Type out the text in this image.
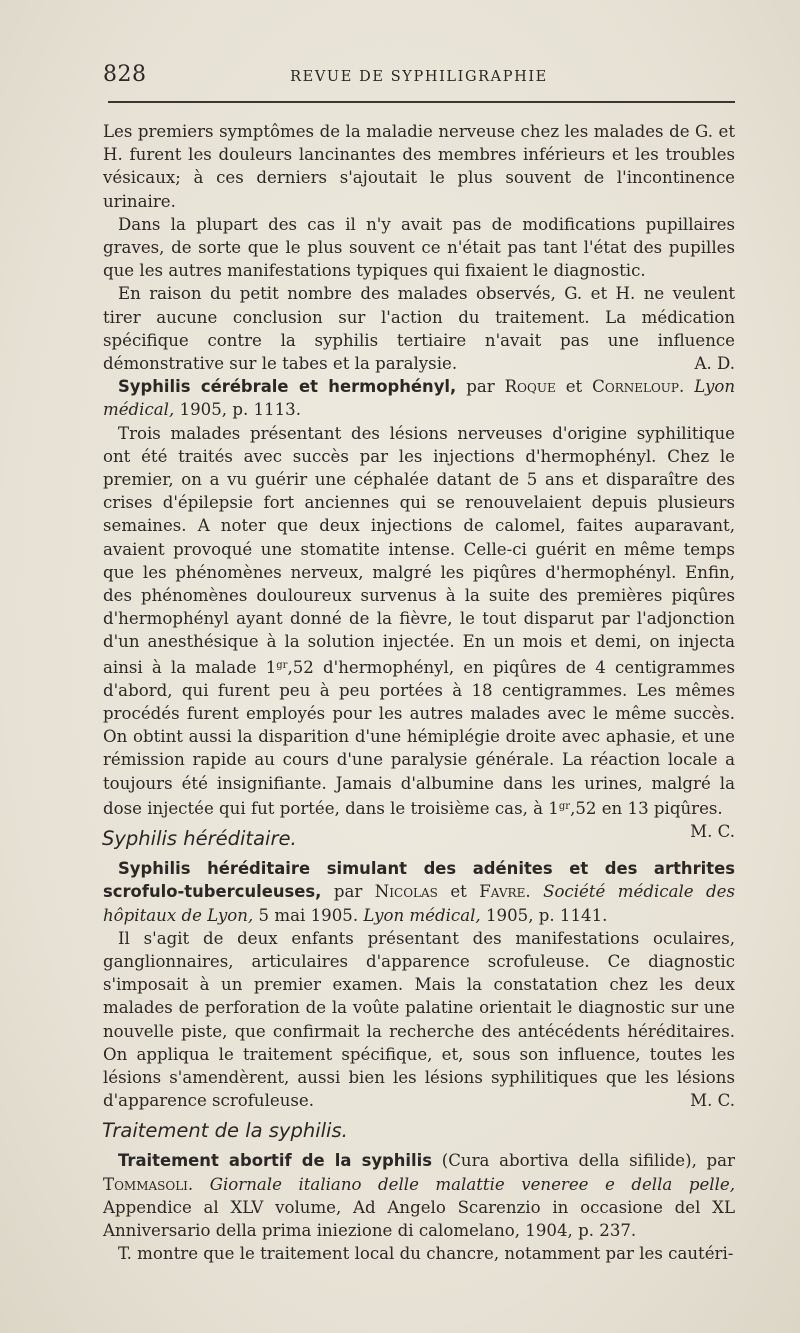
828	REVUE DE SYPHILIGRAPHIE

Les premiers symptômes de la maladie nerveuse chez les malades de G. et H. furent les douleurs lancinantes des membres inférieurs et les troubles vésicaux; à ces derniers s'ajoutait le plus souvent de l'incontinence urinaire.

Dans la plupart des cas il n'y avait pas de modifications pupillaires graves, de sorte que le plus souvent ce n'était pas tant l'état des pupilles que les autres manifestations typiques qui fixaient le diagnostic.

En raison du petit nombre des malades observés, G. et H. ne veulent tirer aucune conclusion sur l'action du traitement. La médication spécifique contre la syphilis tertiaire n'avait pas une influence démonstrative sur le tabes et la paralysie.	A. D.

Syphilis cérébrale et hermophényl, par Roque et Corneloup. Lyon médical, 1905, p. 1113.

Trois malades présentant des lésions nerveuses d'origine syphilitique ont été traités avec succès par les injections d'hermophényl. Chez le premier, on a vu guérir une céphalée datant de 5 ans et disparaître des crises d'épilepsie fort anciennes qui se renouvelaient depuis plusieurs semaines. A noter que deux injections de calomel, faites auparavant, avaient provoqué une stomatite intense. Celle-ci guérit en même temps que les phénomènes nerveux, malgré les piqûres d'hermophényl. Enfin, des phénomènes douloureux survenus à la suite des premières piqûres d'hermophényl ayant donné de la fièvre, le tout disparut par l'adjonction d'un anesthésique à la solution injectée. En un mois et demi, on injecta ainsi à la malade $1^{gr},52$ d'hermophényl, en piqûres de 4 centigrammes d'abord, qui furent peu à peu portées à 18 centigrammes. Les mêmes procédés furent employés pour les autres malades avec le même succès. On obtint aussi la disparition d'une hémiplégie droite avec aphasie, et une rémission rapide au cours d'une paralysie générale. La réaction locale a toujours été insignifiante. Jamais d'albumine dans les urines, malgré la dose injectée qui fut portée, dans le troisième cas, à $1^{gr},52$ en 13 piqûres.
M. C.

Syphilis héréditaire.

Syphilis héréditaire simulant des adénites et des arthrites scrofulo-tuberculeuses, par Nicolas et Favre. Société médicale des hôpitaux de Lyon, 5 mai 1905. Lyon médical, 1905, p. 1141.

Il s'agit de deux enfants présentant des manifestations oculaires, ganglionnaires, articulaires d'apparence scrofuleuse. Ce diagnostic s'imposait à un premier examen. Mais la constatation chez les deux malades de perforation de la voûte palatine orientait le diagnostic sur une nouvelle piste, que confirmait la recherche des antécédents héréditaires. On appliqua le traitement spécifique, et, sous son influence, toutes les lésions s'amendèrent, aussi bien les lésions syphilitiques que les lésions d'apparence scrofuleuse.	M. C.

Traitement de la syphilis.

Traitement abortif de la syphilis (Cura abortiva della sifilide), par Tommasoli. Giornale italiano delle malattie veneree e della pelle, Appendice al XLV volume, Ad Angelo Scarenzio in occasione del XL Anniversario della prima iniezione di calomelano, 1904, p. 237.

T. montre que le traitement local du chancre, notamment par les cautéri-
